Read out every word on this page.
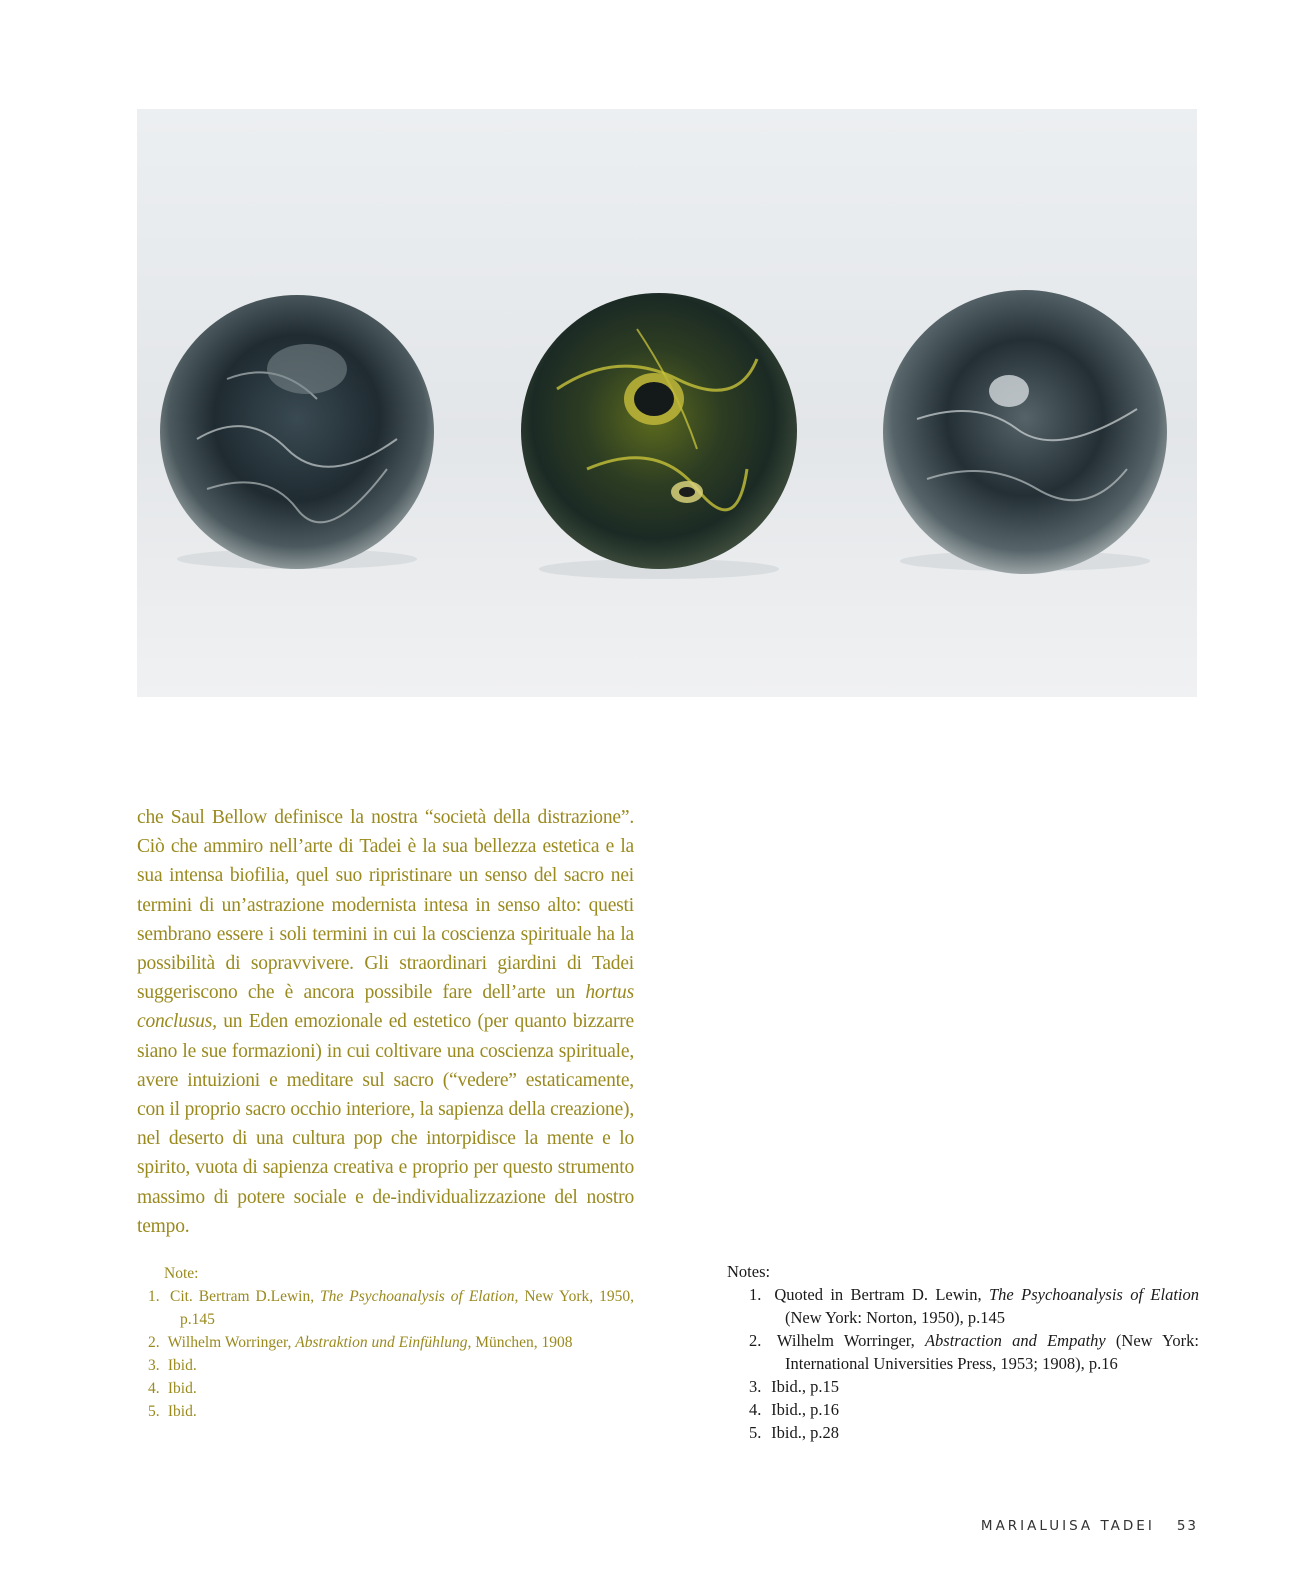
che Saul Bellow definisce la nostra “società della distrazione”. Ciò che ammiro nell’arte di Tadei è la sua bellezza estetica e la sua intensa biofilia, quel suo ripristinare un senso del sacro nei termini di un’astrazione modernista intesa in senso alto: questi sembrano essere i soli termini in cui la coscienza spirituale ha la possibilità di sopravvivere. Gli straordinari giardini di Tadei suggeriscono che è ancora possibile fare dell’arte un hortus conclusus, un Eden emozionale ed estetico (per quanto bizzarre siano le sue formazioni) in cui coltivare una coscienza spirituale, avere intuizioni e meditare sul sacro (“vedere” estaticamente, con il proprio sacro occhio interiore, la sapienza della creazione), nel deserto di una cultura pop che intorpidisce la mente e lo spirito, vuota di sapienza creativa e proprio per questo strumento massimo di potere sociale e de-individualizzazione del nostro tempo.

Note:

1. Cit. Bertram D.Lewin, The Psychoanalysis of Elation, New York, 1950, p.145
2. Wilhelm Worringer, Abstraktion und Einfühlung, München, 1908
3. Ibid.
4. Ibid.
5. Ibid.

Notes:

1. Quoted in Bertram D. Lewin, The Psychoanalysis of Elation (New York: Norton, 1950), p.145
2. Wilhelm Worringer, Abstraction and Empathy (New York: International Universities Press, 1953; 1908), p.16
3. Ibid., p.15
4. Ibid., p.16
5. Ibid., p.28
MARIALUISA TADEI 53
